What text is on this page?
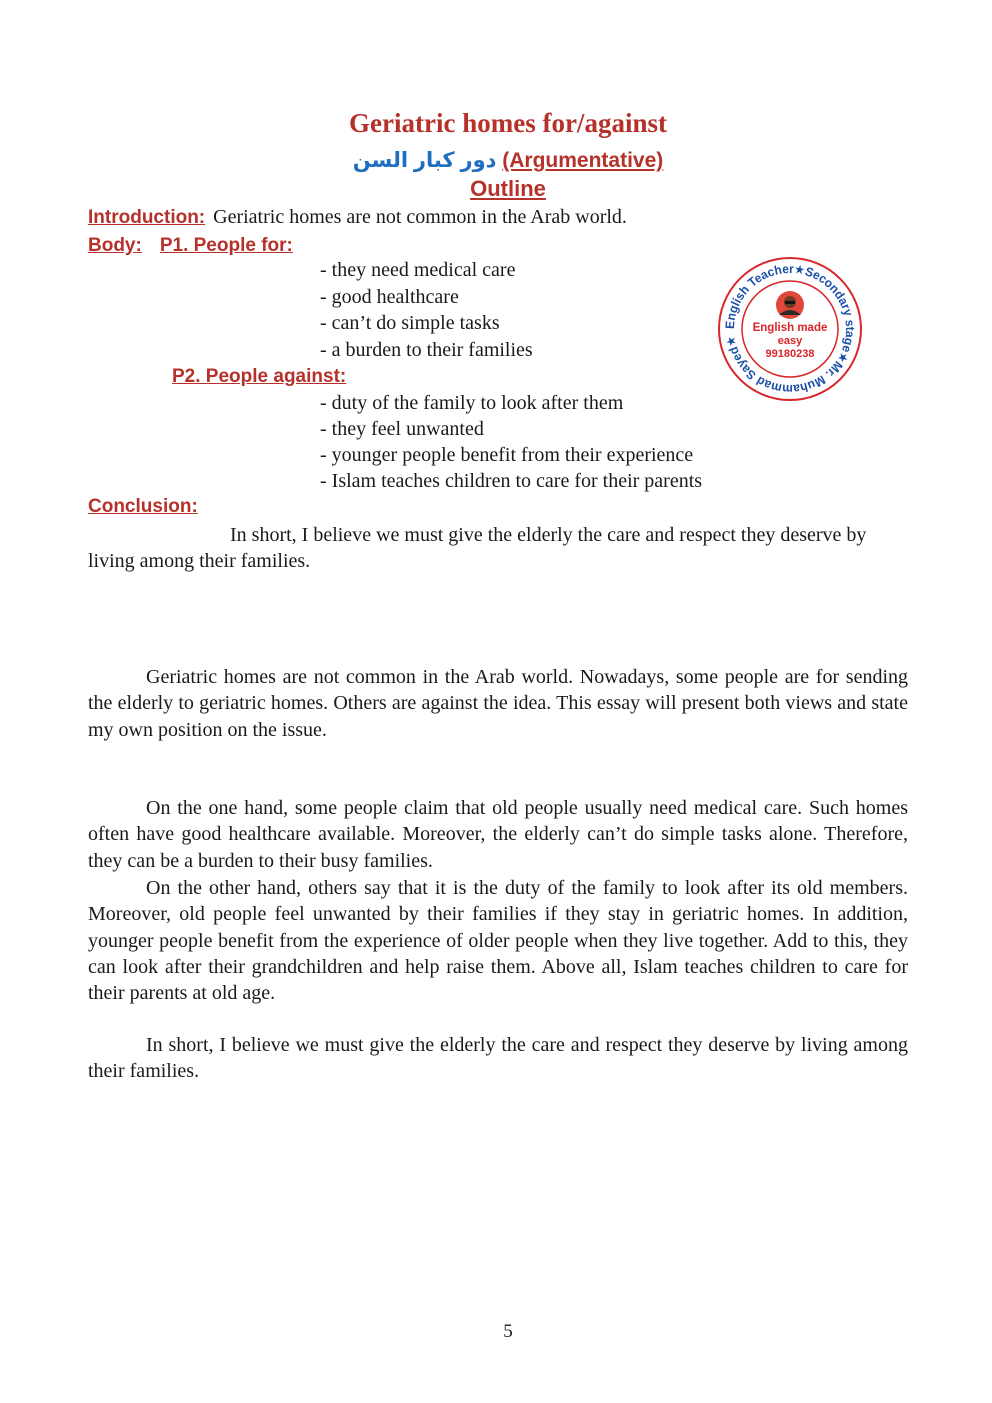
Geriatric homes for/against
دور كبار السن (Argumentative)
Outline
Introduction: Geriatric homes are not common in the Arab world.
Body: P1. People for:
- they need medical care
- good healthcare
- can’t do simple tasks
- a burden to their families
P2. People against:
- duty of the family to look after them
- they feel unwanted
- younger people benefit from their experience
- Islam teaches children to care for their parents
Conclusion:
In short, I believe we must give the elderly the care and respect they deserve by living among their families.

Geriatric homes are not common in the Arab world. Nowadays, some people are for sending the elderly to geriatric homes. Others are against the idea. This essay will present both views and state my own position on the issue.

On the one hand, some people claim that old people usually need medical care. Such homes often have good healthcare available. Moreover, the elderly can’t do simple tasks alone. Therefore, they can be a burden to their busy families.

On the other hand, others say that it is the duty of the family to look after its old members. Moreover, old people feel unwanted by their families if they stay in geriatric homes. In addition, younger people benefit from the experience of older people when they live together. Add to this, they can look after their grandchildren and help raise them. Above all, Islam teaches children to care for their parents at old age.

In short, I believe we must give the elderly the care and respect they deserve by living among their families.

English Teacher★Secondary stage★Mr. Muhammad Sayed★
English made
easy
99180238
5
